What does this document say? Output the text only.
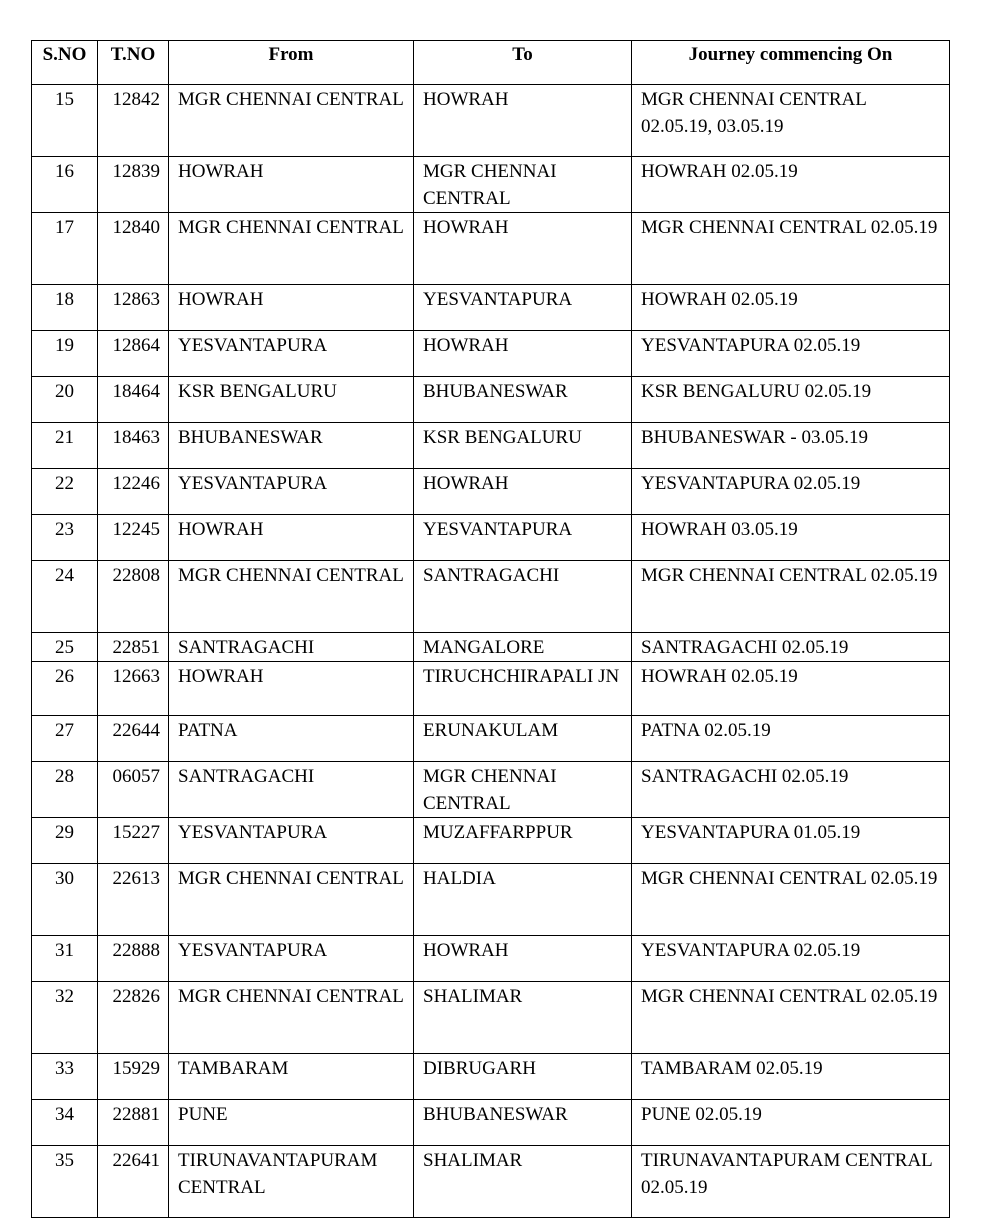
S.NO	T.NO	From	To	Journey commencing On
15	12842	MGR CHENNAI CENTRAL	HOWRAH	MGR CHENNAI CENTRAL 02.05.19, 03.05.19
16	12839	HOWRAH	MGR CHENNAI CENTRAL	HOWRAH 02.05.19
17	12840	MGR CHENNAI CENTRAL	HOWRAH	MGR CHENNAI CENTRAL 02.05.19
18	12863	HOWRAH	YESVANTAPURA	HOWRAH 02.05.19
19	12864	YESVANTAPURA	HOWRAH	YESVANTAPURA 02.05.19
20	18464	KSR BENGALURU	BHUBANESWAR	KSR BENGALURU 02.05.19
21	18463	BHUBANESWAR	KSR BENGALURU	BHUBANESWAR - 03.05.19
22	12246	YESVANTAPURA	HOWRAH	YESVANTAPURA 02.05.19
23	12245	HOWRAH	YESVANTAPURA	HOWRAH 03.05.19
24	22808	MGR CHENNAI CENTRAL	SANTRAGACHI	MGR CHENNAI CENTRAL 02.05.19
25	22851	SANTRAGACHI	MANGALORE	SANTRAGACHI 02.05.19
26	12663	HOWRAH	TIRUCHCHIRAPALI JN	HOWRAH 02.05.19
27	22644	PATNA	ERUNAKULAM	PATNA 02.05.19
28	06057	SANTRAGACHI	MGR CHENNAI CENTRAL	SANTRAGACHI 02.05.19
29	15227	YESVANTAPURA	MUZAFFARPPUR	YESVANTAPURA 01.05.19
30	22613	MGR CHENNAI CENTRAL	HALDIA	MGR CHENNAI CENTRAL 02.05.19
31	22888	YESVANTAPURA	HOWRAH	YESVANTAPURA 02.05.19
32	22826	MGR CHENNAI CENTRAL	SHALIMAR	MGR CHENNAI CENTRAL 02.05.19
33	15929	TAMBARAM	DIBRUGARH	TAMBARAM 02.05.19
34	22881	PUNE	BHUBANESWAR	PUNE 02.05.19
35	22641	TIRUNAVANTAPURAM CENTRAL	SHALIMAR	TIRUNAVANTAPURAM CENTRAL 02.05.19
